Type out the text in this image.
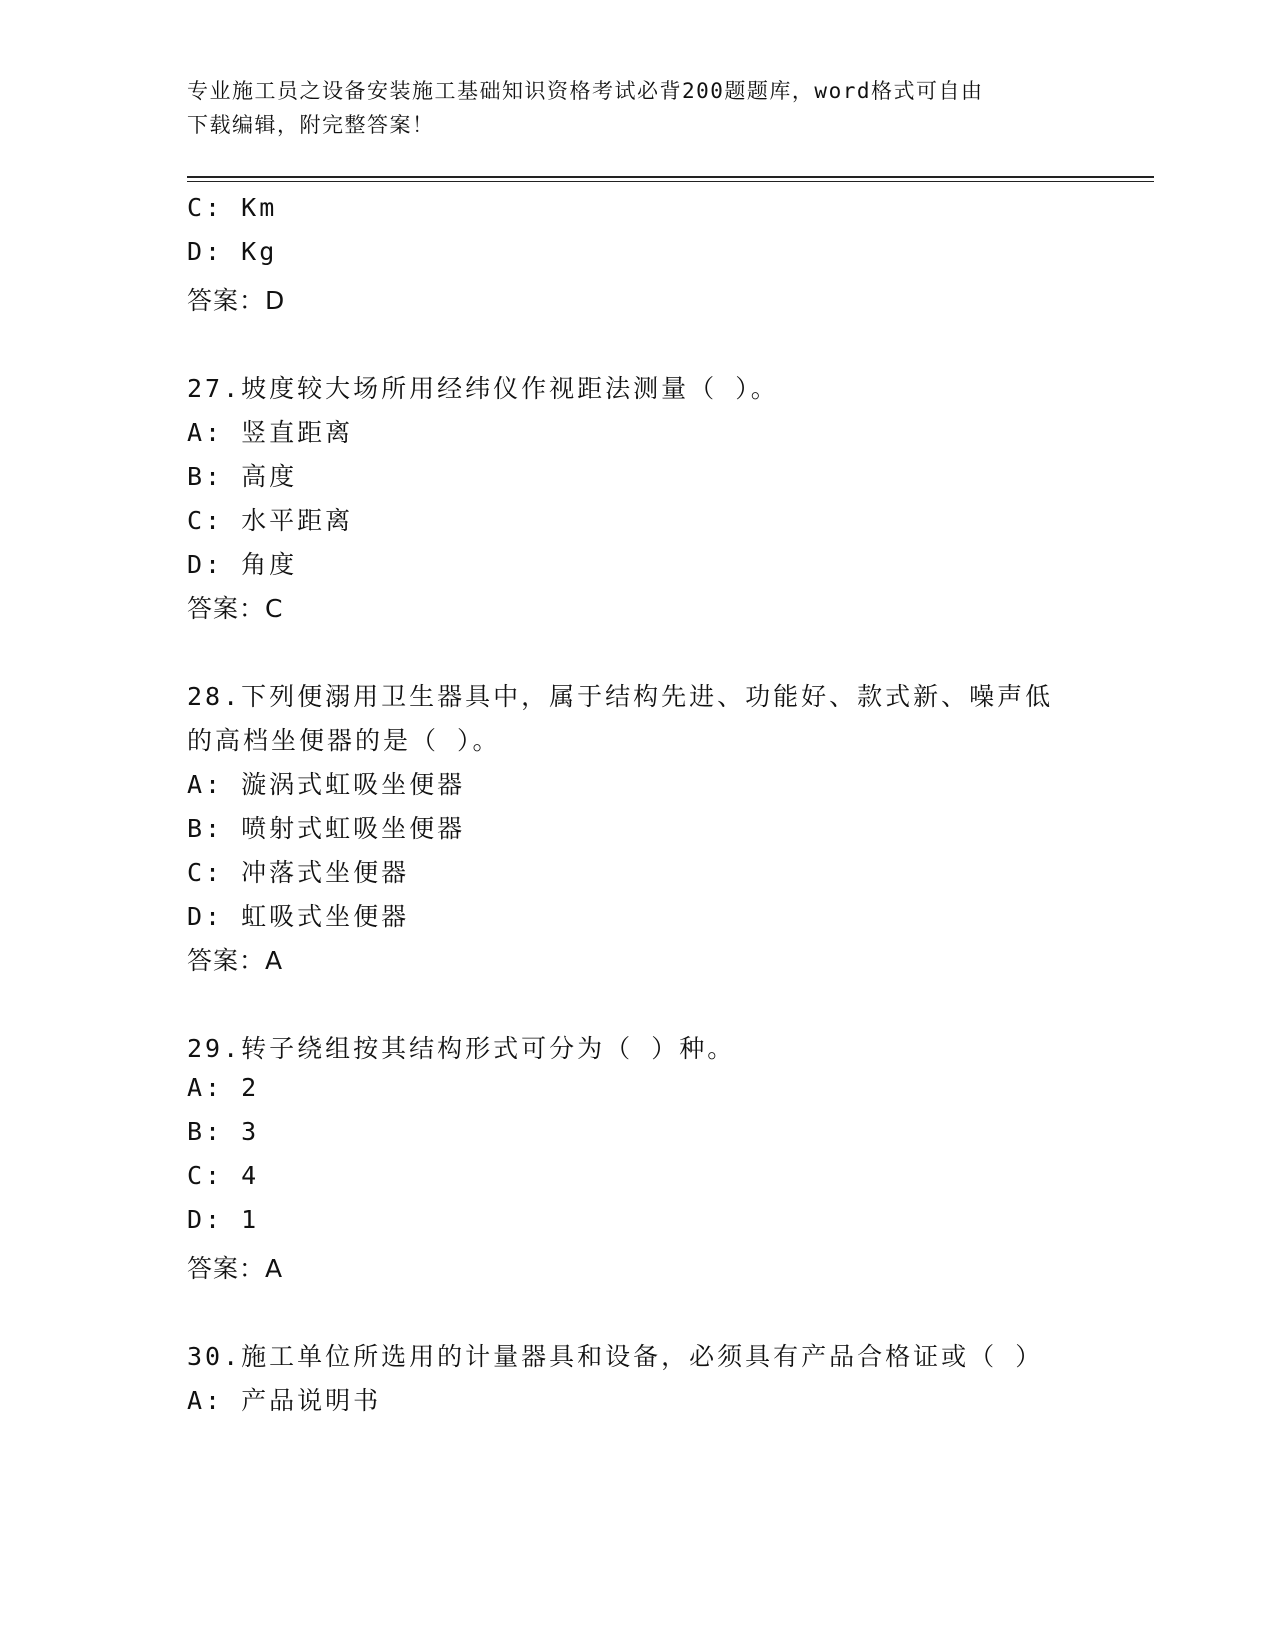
专业施工员之设备安装施工基础知识资格考试必背200题题库，word格式可自由
下载编辑，附完整答案！
C: Km
D: Kg
答案：D
27.坡度较大场所用经纬仪作视距法测量（ ）。
A: 竖直距离
B: 高度
C: 水平距离
D: 角度
答案：C
28.下列便溺用卫生器具中，属于结构先进、功能好、款式新、噪声低
的高档坐便器的是（ ）。
A: 漩涡式虹吸坐便器
B: 喷射式虹吸坐便器
C: 冲落式坐便器
D: 虹吸式坐便器
答案：A
29.转子绕组按其结构形式可分为（ ）种。
A: 2
B: 3
C: 4
D: 1
答案：A
30.施工单位所选用的计量器具和设备，必须具有产品合格证或（ ）
A: 产品说明书
